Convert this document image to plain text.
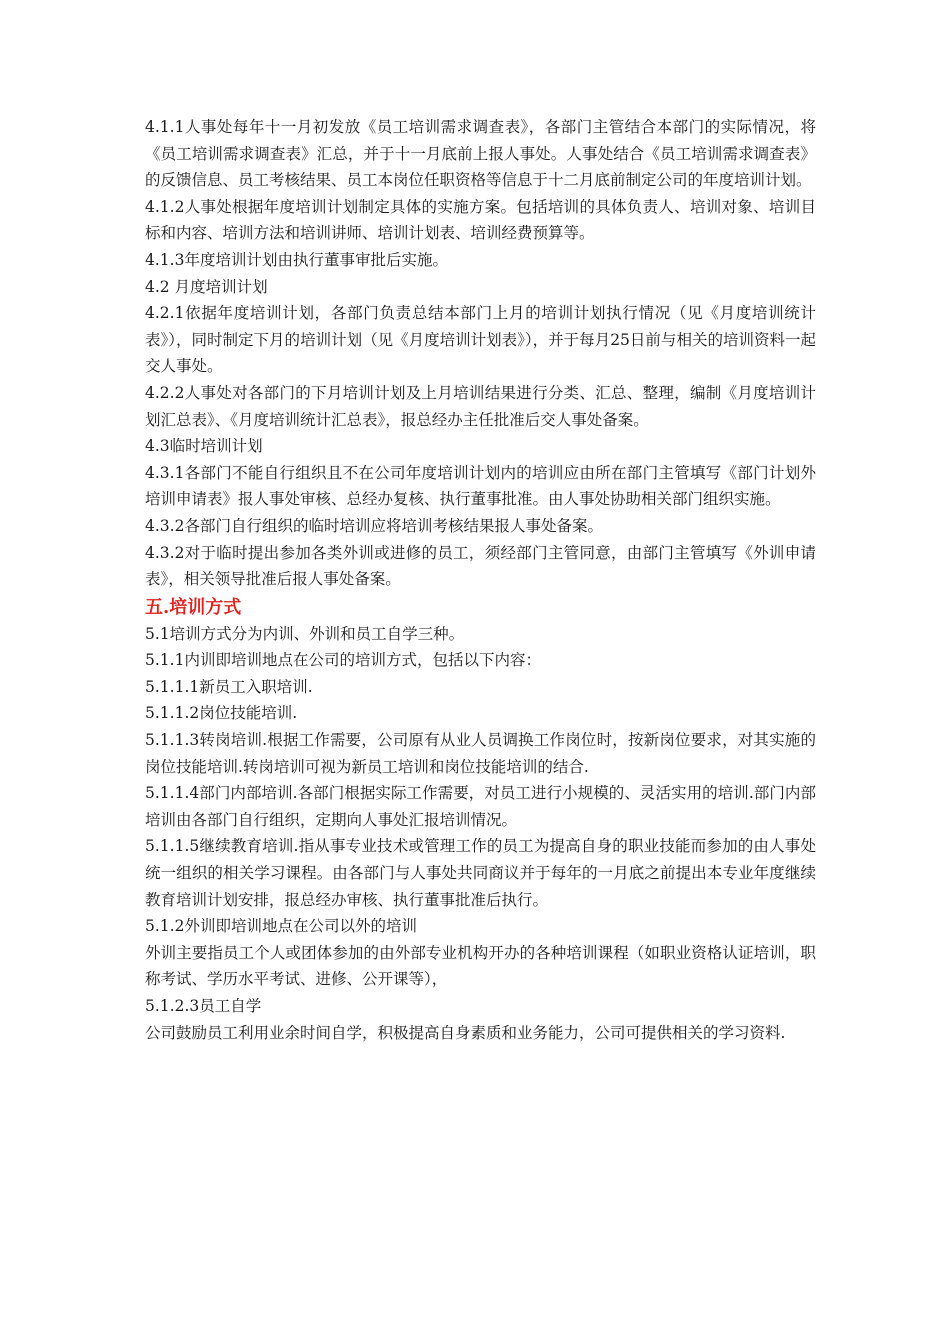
4.1.1人事处每年十一月初发放《员工培训需求调查表》，各部门主管结合本部门的实际情况，将《员工培训需求调查表》汇总，并于十一月底前上报人事处。人事处结合《员工培训需求调查表》的反馈信息、员工考核结果、员工本岗位任职资格等信息于十二月底前制定公司的年度培训计划。

4.1.2人事处根据年度培训计划制定具体的实施方案。包括培训的具体负责人、培训对象、培训目标和内容、培训方法和培训讲师、培训计划表、培训经费预算等。

4.1.3年度培训计划由执行董事审批后实施。

4.2 月度培训计划

4.2.1依据年度培训计划，各部门负责总结本部门上月的培训计划执行情况（见《月度培训统计表》），同时制定下月的培训计划（见《月度培训计划表》），并于每月25日前与相关的培训资料一起交人事处。

4.2.2人事处对各部门的下月培训计划及上月培训结果进行分类、汇总、整理，编制《月度培训计划汇总表》、《月度培训统计汇总表》，报总经办主任批准后交人事处备案。

4.3临时培训计划

4.3.1各部门不能自行组织且不在公司年度培训计划内的培训应由所在部门主管填写《部门计划外培训申请表》报人事处审核、总经办复核、执行董事批准。由人事处协助相关部门组织实施。

4.3.2各部门自行组织的临时培训应将培训考核结果报人事处备案。

4.3.2对于临时提出参加各类外训或进修的员工，须经部门主管同意，由部门主管填写《外训申请表》，相关领导批准后报人事处备案。

五.培训方式

5.1培训方式分为内训、外训和员工自学三种。

5.1.1内训即培训地点在公司的培训方式，包括以下内容：

5.1.1.1新员工入职培训.

5.1.1.2岗位技能培训.

5.1.1.3转岗培训.根据工作需要，公司原有从业人员调换工作岗位时，按新岗位要求，对其实施的岗位技能培训.转岗培训可视为新员工培训和岗位技能培训的结合.

5.1.1.4部门内部培训.各部门根据实际工作需要，对员工进行小规模的、灵活实用的培训.部门内部培训由各部门自行组织，定期向人事处汇报培训情况。

5.1.1.5继续教育培训.指从事专业技术或管理工作的员工为提高自身的职业技能而参加的由人事处统一组织的相关学习课程。由各部门与人事处共同商议并于每年的一月底之前提出本专业年度继续教育培训计划安排，报总经办审核、执行董事批准后执行。

5.1.2外训即培训地点在公司以外的培训

外训主要指员工个人或团体参加的由外部专业机构开办的各种培训课程（如职业资格认证培训，职称考试、学历水平考试、进修、公开课等），

5.1.2.3员工自学

公司鼓励员工利用业余时间自学，积极提高自身素质和业务能力，公司可提供相关的学习资料.
